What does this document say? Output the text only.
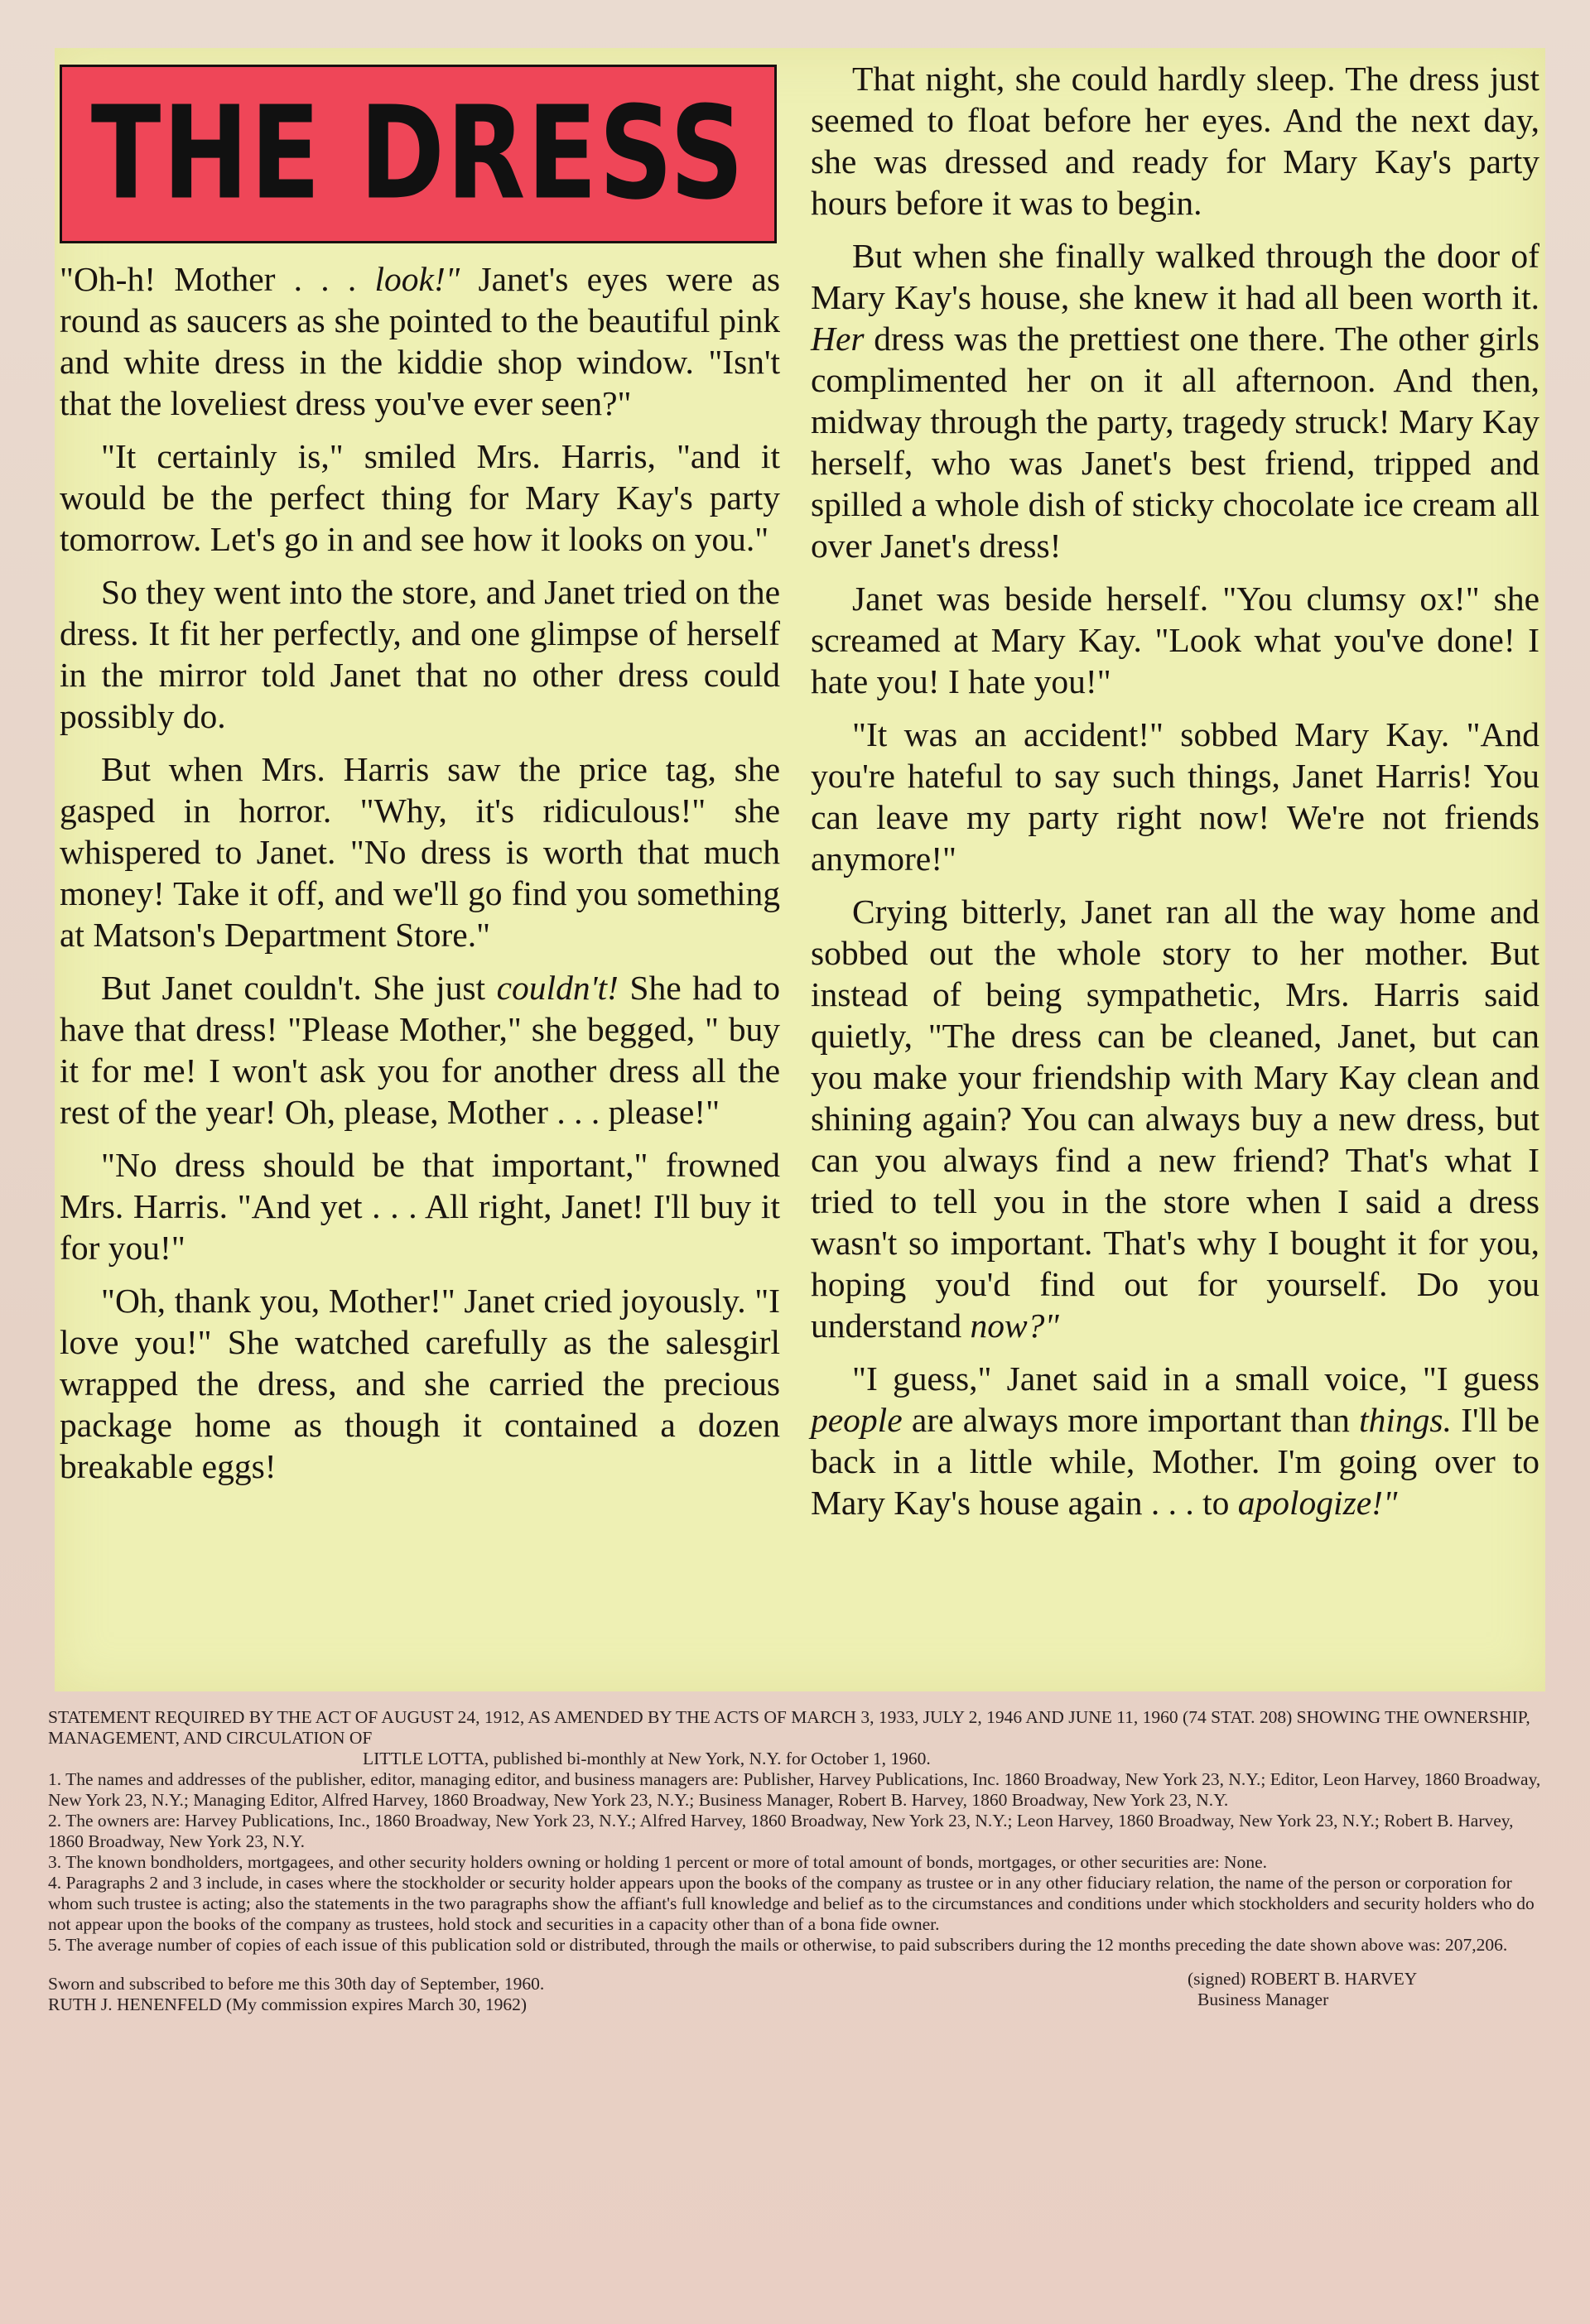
THE DRESS

"Oh-h! Mother . . . look!" Janet's eyes were as round as saucers as she pointed to the beautiful pink and white dress in the kiddie shop window. "Isn't that the loveliest dress you've ever seen?"

"It certainly is," smiled Mrs. Harris, "and it would be the perfect thing for Mary Kay's party tomorrow. Let's go in and see how it looks on you."

So they went into the store, and Janet tried on the dress. It fit her perfectly, and one glimpse of herself in the mirror told Janet that no other dress could possibly do.

But when Mrs. Harris saw the price tag, she gasped in horror. "Why, it's ridiculous!" she whispered to Janet. "No dress is worth that much money! Take it off, and we'll go find you something at Matson's Department Store."

But Janet couldn't. She just couldn't! She had to have that dress! "Please Mother," she begged, " buy it for me! I won't ask you for another dress all the rest of the year! Oh, please, Mother . . . please!"

"No dress should be that important," frowned Mrs. Harris. "And yet . . . All right, Janet! I'll buy it for you!"

"Oh, thank you, Mother!" Janet cried joyously. "I love you!" She watched carefully as the salesgirl wrapped the dress, and she carried the precious package home as though it contained a dozen breakable eggs!

That night, she could hardly sleep. The dress just seemed to float before her eyes. And the next day, she was dressed and ready for Mary Kay's party hours before it was to begin.

But when she finally walked through the door of Mary Kay's house, she knew it had all been worth it. Her dress was the prettiest one there. The other girls complimented her on it all afternoon. And then, midway through the party, tragedy struck! Mary Kay herself, who was Janet's best friend, tripped and spilled a whole dish of sticky chocolate ice cream all over Janet's dress!

Janet was beside herself. "You clumsy ox!" she screamed at Mary Kay. "Look what you've done! I hate you! I hate you!"

"It was an accident!" sobbed Mary Kay. "And you're hateful to say such things, Janet Harris! You can leave my party right now! We're not friends anymore!"

Crying bitterly, Janet ran all the way home and sobbed out the whole story to her mother. But instead of being sympathetic, Mrs. Harris said quietly, "The dress can be cleaned, Janet, but can you make your friendship with Mary Kay clean and shining again? You can always buy a new dress, but can you always find a new friend? That's what I tried to tell you in the store when I said a dress wasn't so important. That's why I bought it for you, hoping you'd find out for yourself. Do you understand now?"

"I guess," Janet said in a small voice, "I guess people are always more important than things. I'll be back in a little while, Mother. I'm going over to Mary Kay's house again . . . to apologize!"

STATEMENT REQUIRED BY THE ACT OF AUGUST 24, 1912, AS AMENDED BY THE ACTS OF MARCH 3, 1933, JULY 2, 1946 AND JUNE 11, 1960 (74 STAT. 208) SHOWING THE OWNERSHIP, MANAGEMENT, AND CIRCULATION OF

LITTLE LOTTA, published bi-monthly at New York, N.Y. for October 1, 1960.

1. The names and addresses of the publisher, editor, managing editor, and business managers are: Publisher, Harvey Publications, Inc. 1860 Broadway, New York 23, N.Y.; Editor, Leon Harvey, 1860 Broadway, New York 23, N.Y.; Managing Editor, Alfred Harvey, 1860 Broadway, New York 23, N.Y.; Business Manager, Robert B. Harvey, 1860 Broadway, New York 23, N.Y.

2. The owners are: Harvey Publications, Inc., 1860 Broadway, New York 23, N.Y.; Alfred Harvey, 1860 Broadway, New York 23, N.Y.; Leon Harvey, 1860 Broadway, New York 23, N.Y.; Robert B. Harvey, 1860 Broadway, New York 23, N.Y.

3. The known bondholders, mortgagees, and other security holders owning or holding 1 percent or more of total amount of bonds, mortgages, or other securities are: None.

4. Paragraphs 2 and 3 include, in cases where the stockholder or security holder appears upon the books of the company as trustee or in any other fiduciary relation, the name of the person or corporation for whom such trustee is acting; also the statements in the two paragraphs show the affiant's full knowledge and belief as to the circumstances and conditions under which stockholders and security holders who do not appear upon the books of the company as trustees, hold stock and securities in a capacity other than of a bona fide owner.

5. The average number of copies of each issue of this publication sold or distributed, through the mails or otherwise, to paid subscribers during the 12 months preceding the date shown above was: 207,206.

Sworn and subscribed to before me this 30th day of September, 1960.
RUTH J. HENENFELD (My commission expires March 30, 1962)
(signed) ROBERT B. HARVEY
Business Manager
